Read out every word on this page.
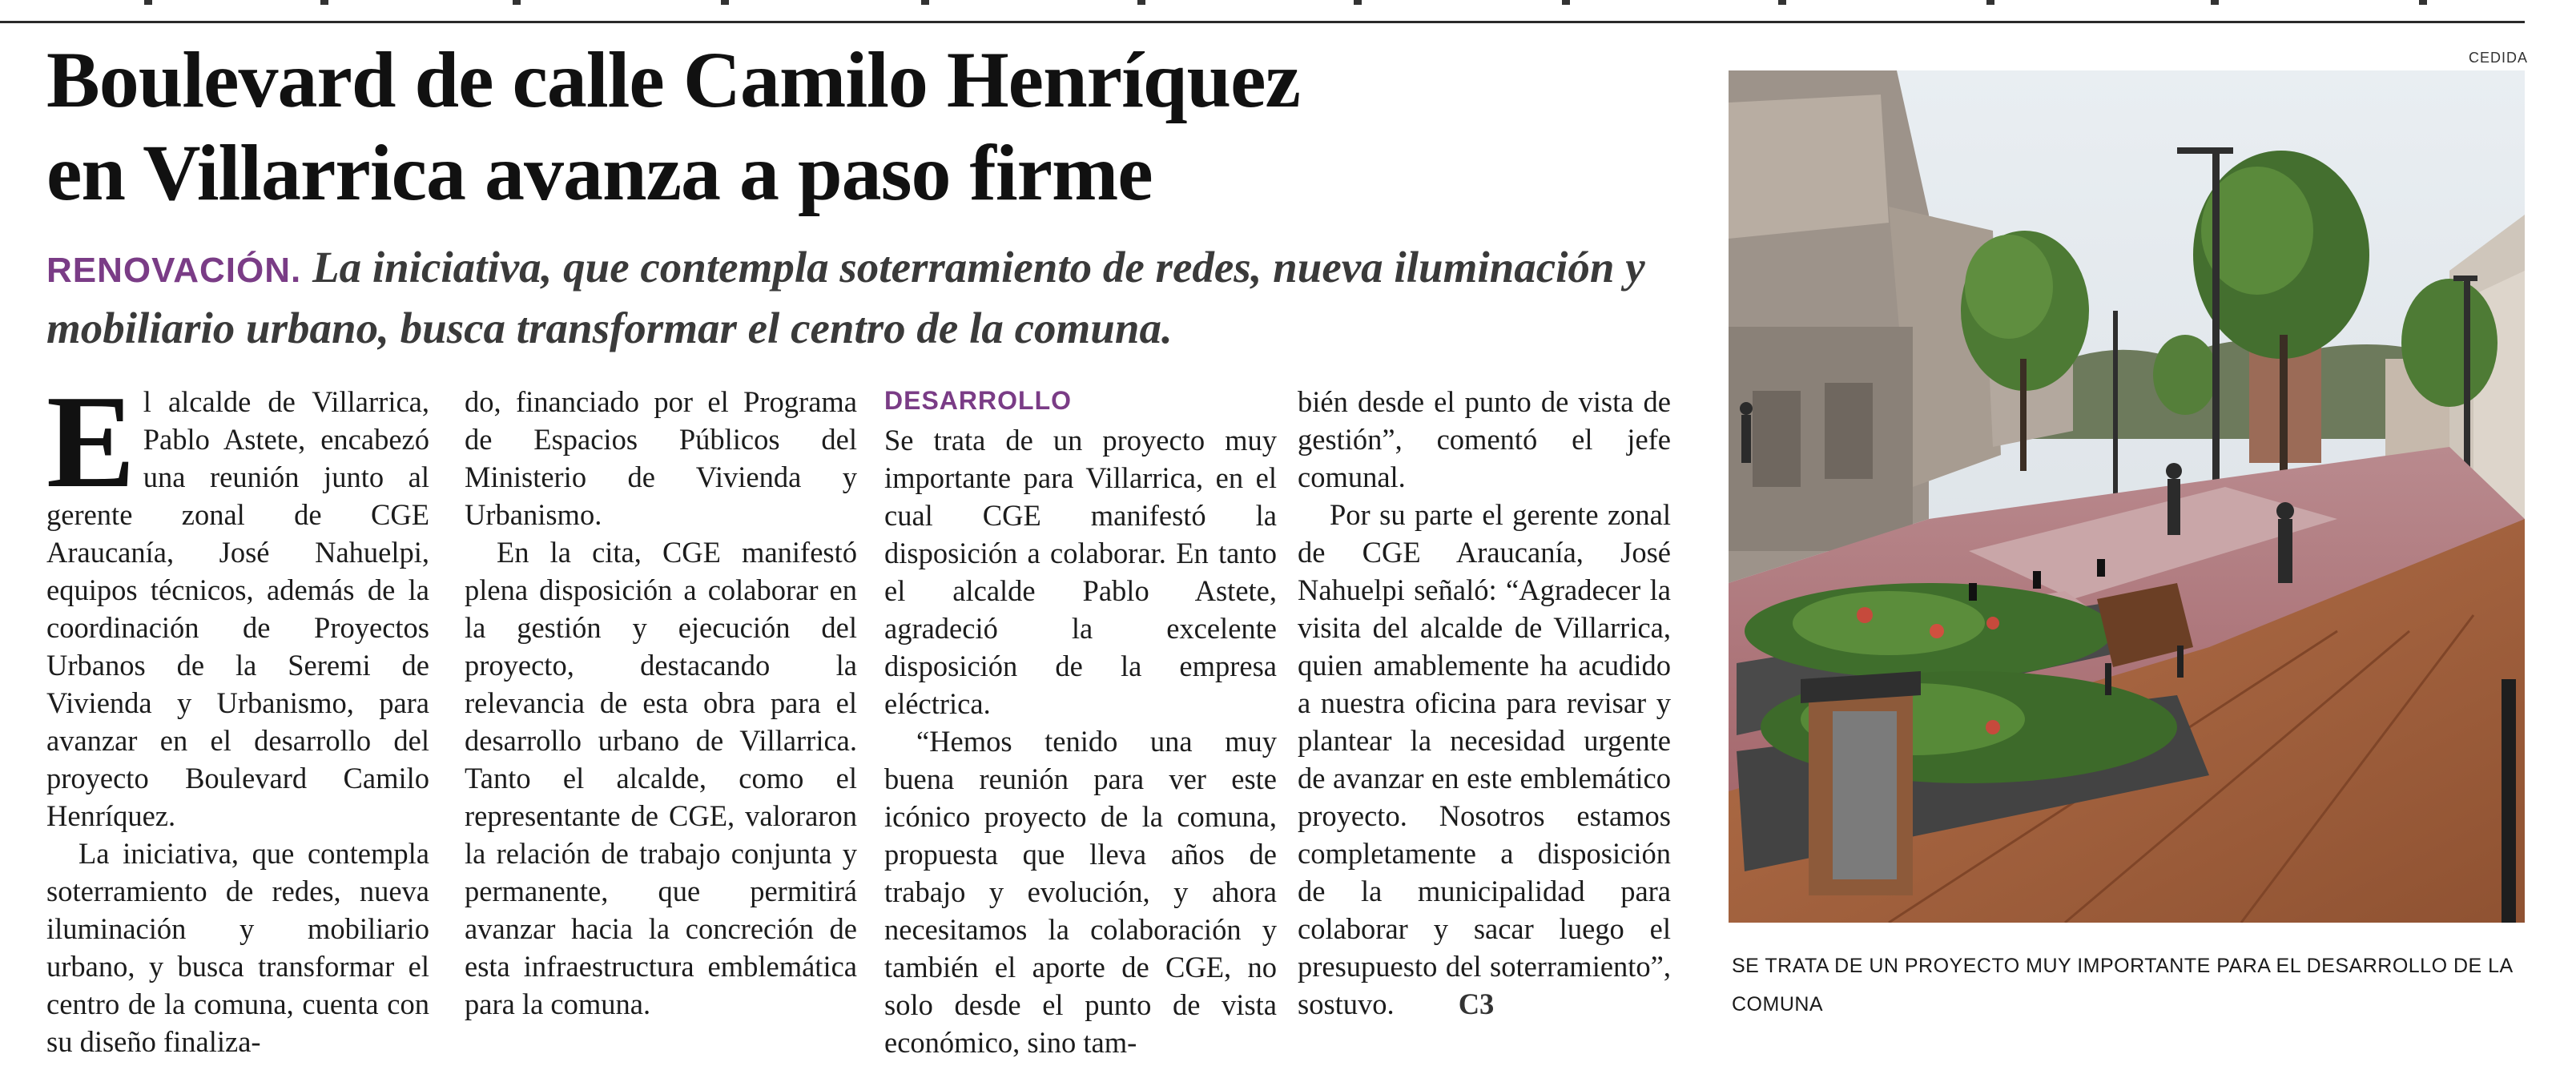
Boulevard de calle Camilo Henríquez
en Villarrica avanza a paso firme
RENOVACIÓN. La iniciativa, que contempla soterramiento de redes, nueva iluminación y mobiliario urbano, busca transformar el centro de la comuna.

El alcalde de Villarrica, Pablo Astete, encabezó una reunión junto al gerente zonal de CGE Araucanía, José Nahuelpi, equipos técnicos, además de la coordinación de Proyectos Urbanos de la Seremi de Vivienda y Urbanismo, para avanzar en el desarrollo del proyecto Boulevard Camilo Henríquez.

La iniciativa, que contempla soterramiento de redes, nueva iluminación y mobiliario urbano, y busca transformar el centro de la comuna, cuenta con su diseño finaliza-

do, financiado por el Programa de Espacios Públicos del Ministerio de Vivienda y Urbanismo.

En la cita, CGE manifestó plena disposición a colaborar en la gestión y ejecución del proyecto, destacando la relevancia de esta obra para el desarrollo urbano de Villarrica. Tanto el alcalde, como el representante de CGE, valoraron la relación de trabajo conjunta y permanente, que permitirá avanzar hacia la concreción de esta infraestructura emblemática para la comuna.

DESARROLLO

Se trata de un proyecto muy importante para Villarrica, en el cual CGE manifestó la disposición a colaborar. En tanto el alcalde Pablo Astete, agradeció la excelente disposición de la empresa eléctrica.

“Hemos tenido una muy buena reunión para ver este icónico proyecto de la comuna, propuesta que lleva años de trabajo y evolución, y ahora necesitamos la colaboración y también el aporte de CGE, no solo desde el punto de vista económico, sino tam-

bién desde el punto de vista de gestión”, comentó el jefe comunal.

Por su parte el gerente zonal de CGE Araucanía, José Nahuelpi señaló: “Agradecer la visita del alcalde de Villarrica, quien amablemente ha acudido a nuestra oficina para revisar y plantear la necesidad urgente de avanzar en este emblemático proyecto. Nosotros estamos completamente a disposición de la municipalidad para colaborar y sacar luego el presupuesto del soterramiento”, sostuvo. C3

CEDIDA
SE TRATA DE UN PROYECTO MUY IMPORTANTE PARA EL DESARROLLO DE LA COMUNA
